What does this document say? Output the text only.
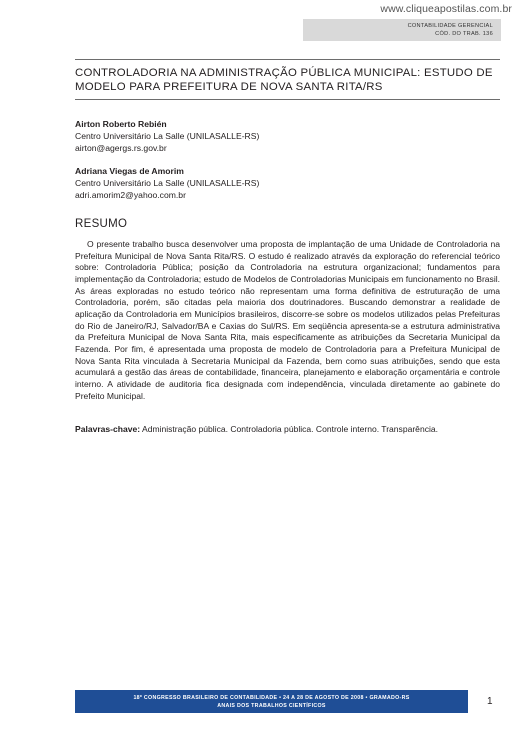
www.cliqueapostilas.com.br
CONTABILIDADE GERENCIAL
CÓD. DO TRAB. 136
CONTROLADORIA NA ADMINISTRAÇÃO PÚBLICA MUNICIPAL: ESTUDO DE MODELO PARA PREFEITURA DE NOVA SANTA RITA/RS
Airton Roberto Rebién
Centro Universitário La Salle (UNILASALLE-RS)
airton@agergs.rs.gov.br
Adriana Viegas de Amorim
Centro Universitário La Salle (UNILASALLE-RS)
adri.amorim2@yahoo.com.br
RESUMO

O presente trabalho busca desenvolver uma proposta de implantação de uma Unidade de Controladoria na Prefeitura Municipal de Nova Santa Rita/RS. O estudo é realizado através da exploração do referencial teórico sobre: Controladoria Pública; posição da Controladoria na estrutura organizacional; fundamentos para implementação da Controladoria; estudo de Modelos de Controladorias Municipais em funcionamento no Brasil. As áreas exploradas no estudo teórico não representam uma forma definitiva de estruturação de uma Controladoria, porém, são citadas pela maioria dos doutrinadores. Buscando demonstrar a realidade de aplicação da Controladoria em Municípios brasileiros, discorre-se sobre os modelos utilizados pelas Prefeituras do Rio de Janeiro/RJ, Salvador/BA e Caxias do Sul/RS. Em seqüência apresenta-se a estrutura administrativa da Prefeitura Municipal de Nova Santa Rita, mais especificamente as atribuições da Secretaria Municipal da Fazenda. Por fim, é apresentada uma proposta de modelo de Controladoria para a Prefeitura Municipal de Nova Santa Rita vinculada à Secretaria Municipal da Fazenda, bem como suas atribuições, sendo que esta acumulará a gestão das áreas de contabilidade, financeira, planejamento e elaboração orçamentária e controle interno. A atividade de auditoria fica designada com independência, vinculada diretamente ao gabinete do Prefeito Municipal.

Palavras-chave: Administração pública. Controladoria pública. Controle interno. Transparência.

18º CONGRESSO BRASILEIRO DE CONTABILIDADE • 24 A 28 DE AGOSTO DE 2008 • GRAMADO-RS
ANAIS DOS TRABALHOS CIENTÍFICOS	1
